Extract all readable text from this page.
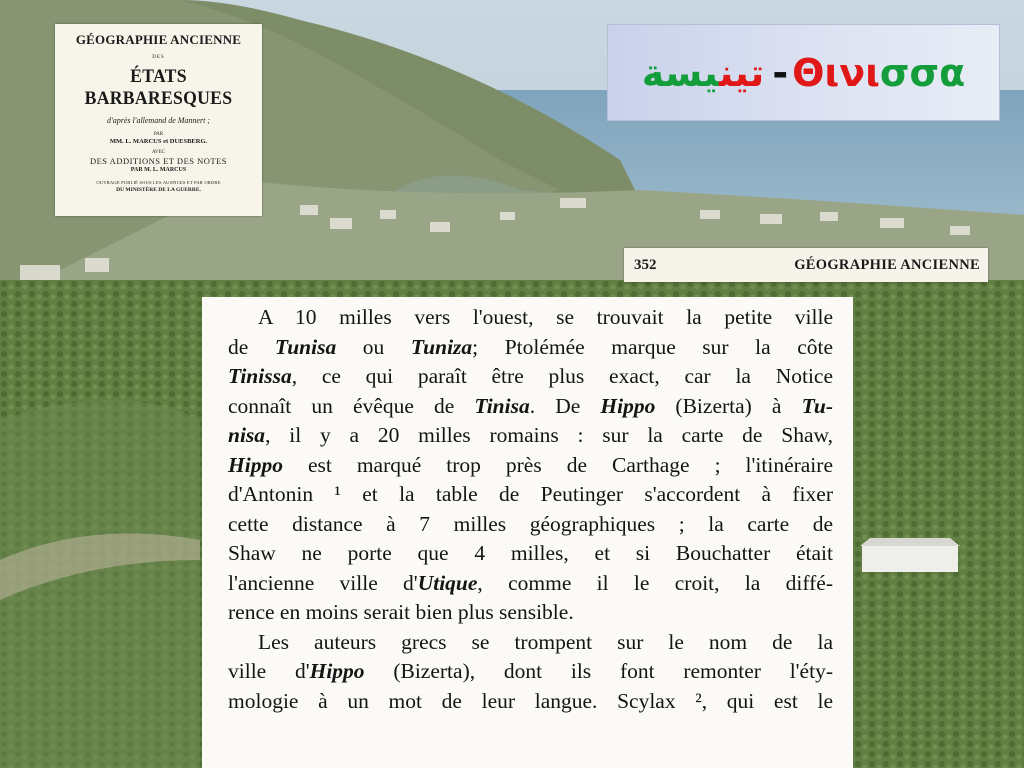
GÉOGRAPHIE ANCIENNE
DES
ÉTATS BARBARESQUES
d'après l'allemand de Mannert ;
PAR
MM. L. MARCUS et DUESBERG.
AVEC
DES ADDITIONS ET DES NOTES
PAR M. L. MARCUS
OUVRAGE PUBLIÉ SOUS LES AUSPICES ET PAR ORDRE
DU MINISTÈRE DE LA GUERRE.
تينيسة	- Θινισσα
352	GÉOGRAPHIE ANCIENNE
A 10 milles vers l'ouest, se trouvait la petite ville
de Tunisa ou Tuniza; Ptolémée marque sur la côte
Tinissa, ce qui paraît être plus exact, car la Notice
connaît un évêque de Tinisa. De Hippo (Bizerta) à Tu-
nisa, il y a 20 milles romains : sur la carte de Shaw,
Hippo est marqué trop près de Carthage ; l'itinéraire
d'Antonin ¹ et la table de Peutinger s'accordent à fixer
cette distance à 7 milles géographiques ; la carte de
Shaw ne porte que 4 milles, et si Bouchatter était
l'ancienne ville d'Utique, comme il le croit, la diffé-
rence en moins serait bien plus sensible.
Les auteurs grecs se trompent sur le nom de la
ville d'Hippo (Bizerta), dont ils font remonter l'éty-
mologie à un mot de leur langue. Scylax ², qui est le
